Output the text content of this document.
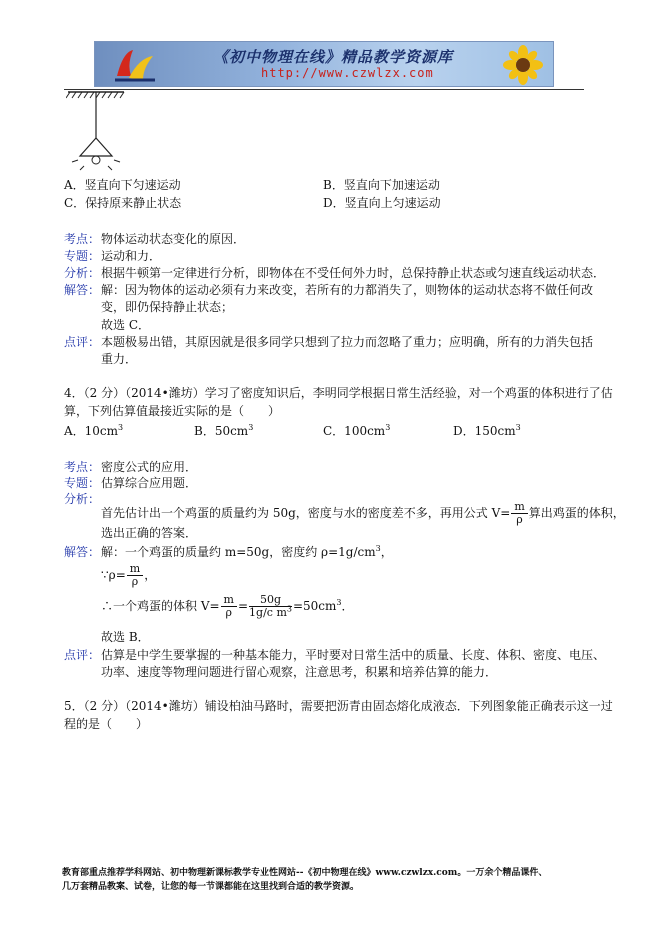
《初中物理在线》精品教学资源库
http://www.czwlzx.com
A．竖直向下匀速运动	B．竖直向下加速运动
C．保持原来静止状态	D．竖直向上匀速运动
考点： 物体运动状态变化的原因．
专题： 运动和力．
分析： 根据牛顿第一定律进行分析，即物体在不受任何外力时，总保持静止状态或匀速直线运动状态．
解答： 解：因为物体的运动必须有力来改变，若所有的力都消失了，则物体的运动状态将不做任何改
变，即仍保持静止状态；
故选 C．
点评： 本题极易出错，其原因就是很多同学只想到了拉力而忽略了重力；应明确，所有的力消失包括
重力．
4．（2 分）（2014•潍坊）学习了密度知识后，李明同学根据日常生活经验，对一个鸡蛋的体积进行了估
算，下列估算值最接近实际的是（　　）
A．$10cm^3$	B．$50cm^3$	C．$100cm^3$	D．$150cm^3$
考点： 密度公式的应用．
专题： 估算综合应用题．
分析：
首先估计出一个鸡蛋的质量约为 50g，密度与水的密度差不多，再用公式 $V= \frac{m}{\rho}$ 算出鸡蛋的体积，
选出正确的答案．
解答： 解：一个鸡蛋的质量约 m=50g，密度约 $\rho=1g/cm^3$，
∵ρ= $\frac{m}{\rho}$ ，
∴一个鸡蛋的体积 $V= \frac{m}{\rho} = \frac{50g}{1g/c m^3} =50cm^3$．
故选 B．
点评： 估算是中学生要掌握的一种基本能力，平时要对日常生活中的质量、长度、体积、密度、电压、
功率、速度等物理问题进行留心观察，注意思考，积累和培养估算的能力．
5．（2 分）（2014•潍坊）铺设柏油马路时，需要把沥青由固态熔化成液态．下列图象能正确表示这一过
程的是（　　）
教育部重点推荐学科网站、初中物理新课标教学专业性网站--《初中物理在线》www.czwlzx.com。一万余个精品课件、
几万套精品教案、试卷，让您的每一节课都能在这里找到合适的教学资源。
